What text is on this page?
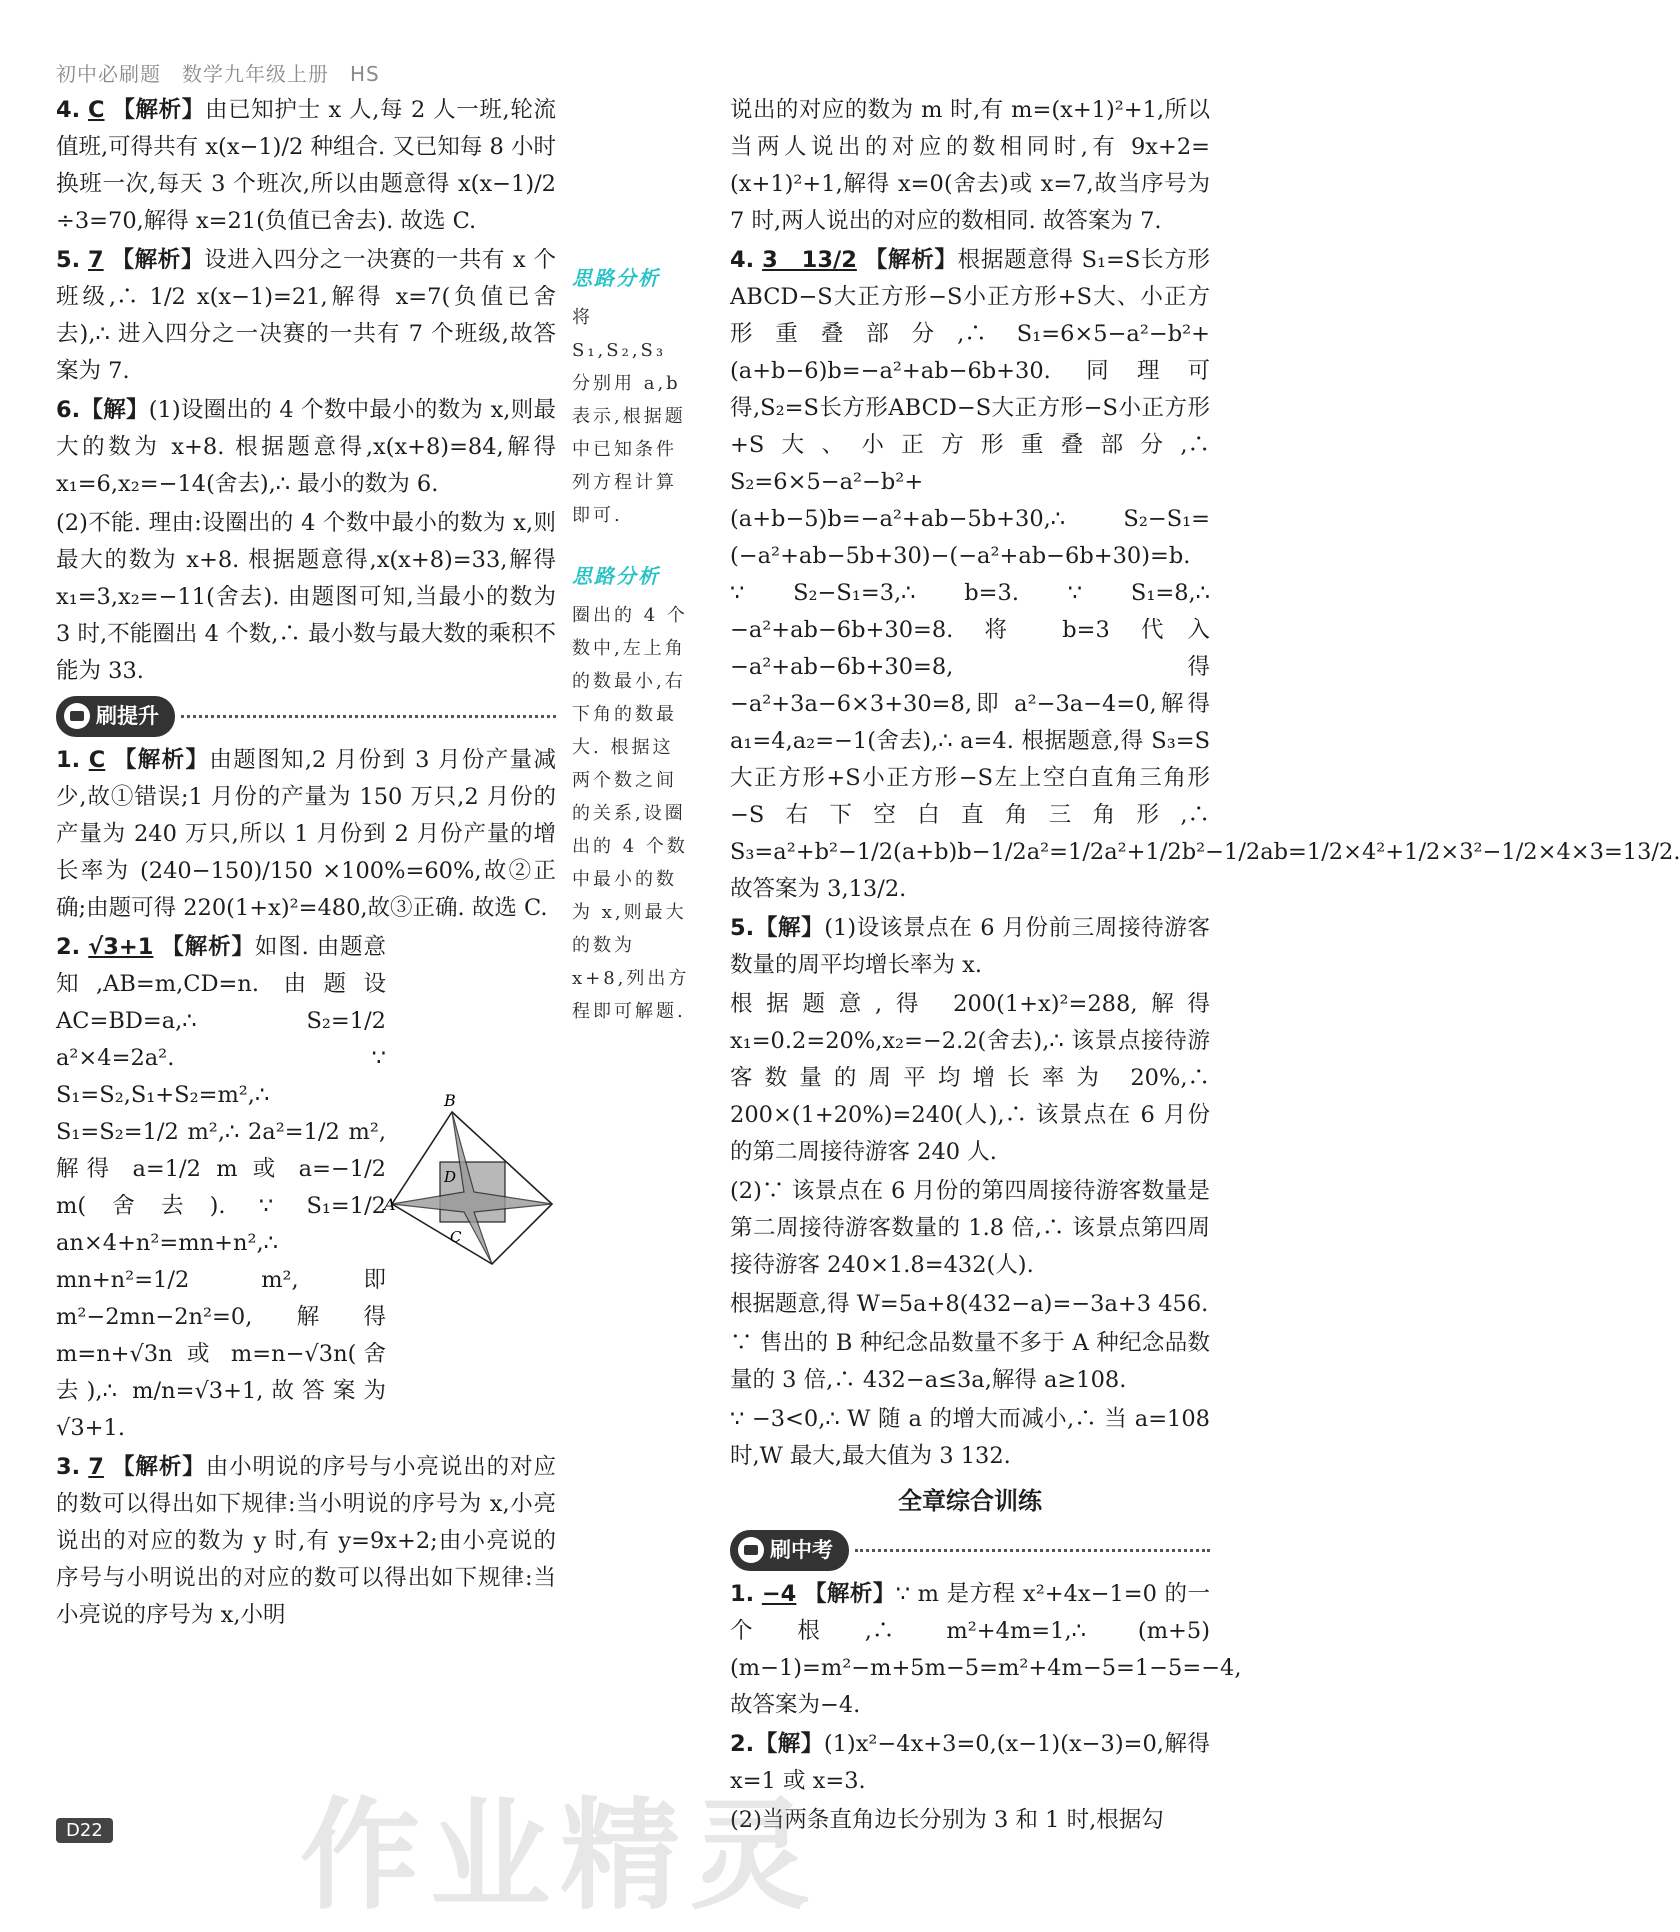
初中必刷题　数学九年级上册　HS

4. C 【解析】由已知护士 x 人,每 2 人一班,轮流值班,可得共有 x(x−1)/2 种组合. 又已知每 8 小时换班一次,每天 3 个班次,所以由题意得 x(x−1)/2 ÷3=70,解得 x=21(负值已舍去). 故选 C.

5. 7 【解析】设进入四分之一决赛的一共有 x 个班级,∴ 1/2 x(x−1)=21,解得 x=7(负值已舍去),∴ 进入四分之一决赛的一共有 7 个班级,故答案为 7.

6.【解】(1)设圈出的 4 个数中最小的数为 x,则最大的数为 x+8. 根据题意得,x(x+8)=84,解得 x₁=6,x₂=−14(舍去),∴ 最小的数为 6.

(2)不能. 理由:设圈出的 4 个数中最小的数为 x,则最大的数为 x+8. 根据题意得,x(x+8)=33,解得 x₁=3,x₂=−11(舍去). 由题图可知,当最小的数为 3 时,不能圈出 4 个数,∴ 最小数与最大数的乘积不能为 33.

刷提升

1. C 【解析】由题图知,2 月份到 3 月份产量减少,故①错误;1 月份的产量为 150 万只,2 月份的产量为 240 万只,所以 1 月份到 2 月份产量的增长率为 (240−150)/150 ×100%=60%,故②正确;由题可得 220(1+x)²=480,故③正确. 故选 C.

2. √3+1 【解析】如图. 由题意知,AB=m,CD=n. 由题设 AC=BD=a,∴ S₂=1/2 a²×4=2a². ∵ S₁=S₂,S₁+S₂=m²,∴ S₁=S₂=1/2 m²,∴ 2a²=1/2 m²,解得 a=1/2 m 或 a=−1/2 m(舍去). ∵ S₁=1/2 an×4+n²=mn+n²,∴ mn+n²=1/2 m²,即 m²−2mn−2n²=0,解得 m=n+√3n 或 m=n−√3n(舍去),∴ m/n=√3+1,故答案为√3+1.

3. 7 【解析】由小明说的序号与小亮说出的对应的数可以得出如下规律:当小明说的序号为 x,小亮说出的对应的数为 y 时,有 y=9x+2;由小亮说的序号与小明说出的对应的数可以得出如下规律:当小亮说的序号为 x,小明

B
A
D
C

思路分析

将 S₁,S₂,S₃ 分别用 a,b 表示,根据题中已知条件列方程计算即可.

思路分析

圈出的 4 个数中,左上角的数最小,右下角的数最大. 根据这两个数之间的关系,设圈出的 4 个数中最小的数为 x,则最大的数为 x+8,列出方程即可解题.

说出的对应的数为 m 时,有 m=(x+1)²+1,所以当两人说出的对应的数相同时,有 9x+2=(x+1)²+1,解得 x=0(舍去)或 x=7,故当序号为 7 时,两人说出的对应的数相同. 故答案为 7.

4. 3　13/2 【解析】根据题意得 S₁=S长方形ABCD−S大正方形−S小正方形+S大、小正方形重叠部分,∴ S₁=6×5−a²−b²+(a+b−6)b=−a²+ab−6b+30. 同理可得,S₂=S长方形ABCD−S大正方形−S小正方形+S大、小正方形重叠部分,∴ S₂=6×5−a²−b²+(a+b−5)b=−a²+ab−5b+30,∴ S₂−S₁=(−a²+ab−5b+30)−(−a²+ab−6b+30)=b. ∵ S₂−S₁=3,∴ b=3. ∵ S₁=8,∴ −a²+ab−6b+30=8. 将 b=3 代入−a²+ab−6b+30=8,得−a²+3a−6×3+30=8,即 a²−3a−4=0,解得 a₁=4,a₂=−1(舍去),∴ a=4. 根据题意,得 S₃=S大正方形+S小正方形−S左上空白直角三角形−S右下空白直角三角形,∴ S₃=a²+b²−1/2(a+b)b−1/2a²=1/2a²+1/2b²−1/2ab=1/2×4²+1/2×3²−1/2×4×3=13/2. 故答案为 3,13/2.

5.【解】(1)设该景点在 6 月份前三周接待游客数量的周平均增长率为 x.

根据题意,得 200(1+x)²=288,解得 x₁=0.2=20%,x₂=−2.2(舍去),∴ 该景点接待游客数量的周平均增长率为 20%,∴ 200×(1+20%)=240(人),∴ 该景点在 6 月份的第二周接待游客 240 人.

(2)∵ 该景点在 6 月份的第四周接待游客数量是第二周接待游客数量的 1.8 倍,∴ 该景点第四周接待游客 240×1.8=432(人).

根据题意,得 W=5a+8(432−a)=−3a+3 456.

∵ 售出的 B 种纪念品数量不多于 A 种纪念品数量的 3 倍,∴ 432−a≤3a,解得 a≥108.

∵ −3<0,∴ W 随 a 的增大而减小,∴ 当 a=108 时,W 最大,最大值为 3 132.

全章综合训练
刷中考

1. −4 【解析】∵ m 是方程 x²+4x−1=0 的一个根,∴ m²+4m=1,∴ (m+5)(m−1)=m²−m+5m−5=m²+4m−5=1−5=−4,故答案为−4.

2.【解】(1)x²−4x+3=0,(x−1)(x−3)=0,解得 x=1 或 x=3.

(2)当两条直角边长分别为 3 和 1 时,根据勾

作业精灵
D22
